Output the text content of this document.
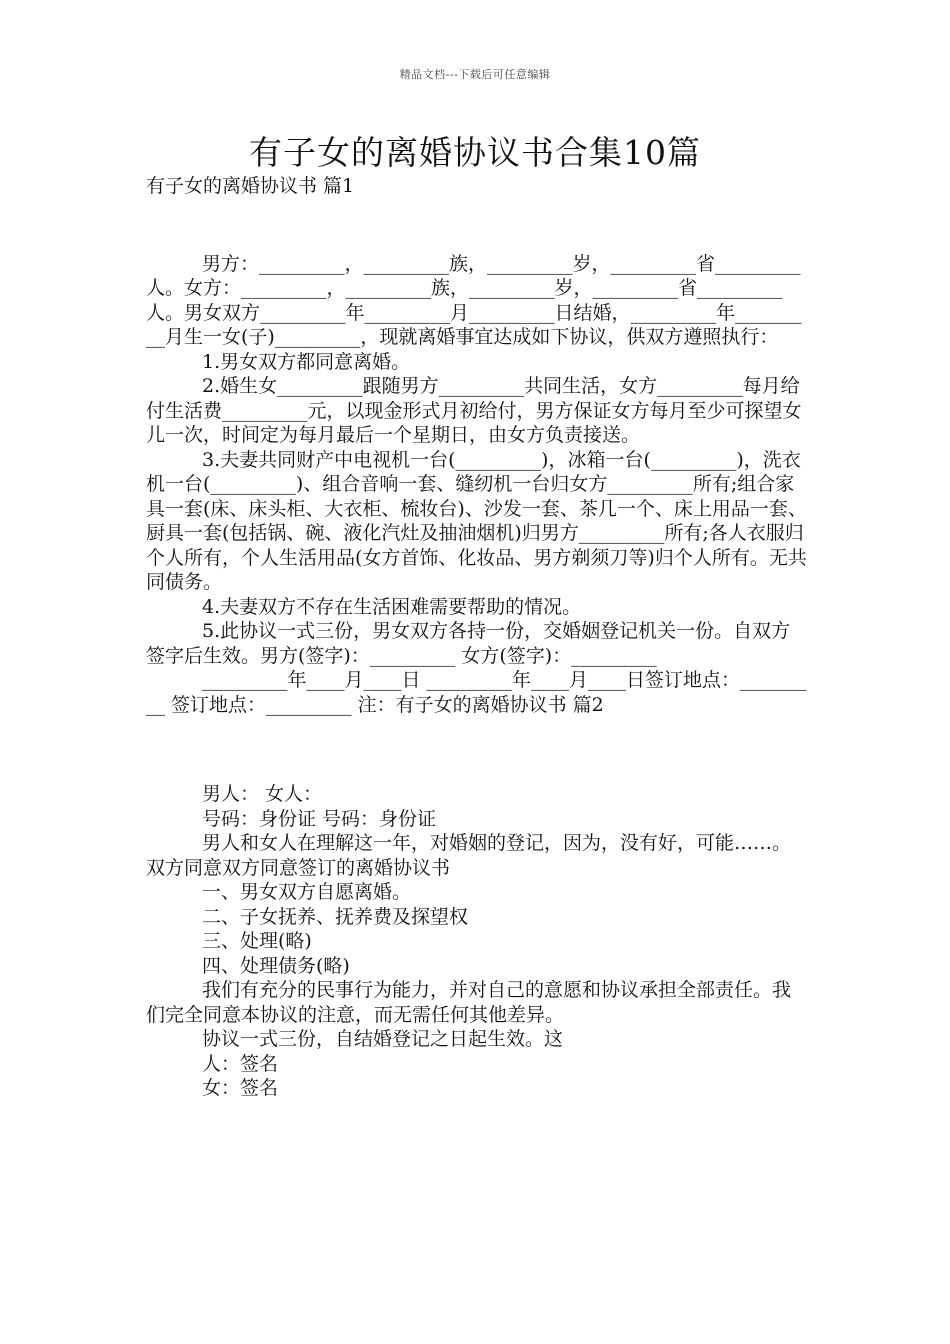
精品文档---下载后可任意编辑
有子女的离婚协议书合集10篇

有子女的离婚协议书 篇1

男方：_________，_________族，_________岁，_________省_________人。女方：_________，_________族，_________岁，_________省_________人。男女双方_________年_________月_________日结婚，_________年_________月生一女(子)_________，现就离婚事宜达成如下协议，供双方遵照执行：

1.男女双方都同意离婚。

2.婚生女_________跟随男方_________共同生活，女方_________每月给付生活费_________元，以现金形式月初给付，男方保证女方每月至少可探望女儿一次，时间定为每月最后一个星期日，由女方负责接送。

3.夫妻共同财产中电视机一台(_________)，冰箱一台(_________)，洗衣机一台(_________)、组合音响一套、缝纫机一台归女方_________所有;组合家具一套(床、床头柜、大衣柜、梳妆台)、沙发一套、茶几一个、床上用品一套、厨具一套(包括锅、碗、液化汽灶及抽油烟机)归男方_________所有;各人衣服归个人所有，个人生活用品(女方首饰、化妆品、男方剃须刀等)归个人所有。无共同债务。

4.夫妻双方不存在生活困难需要帮助的情况。

5.此协议一式三份，男女双方各持一份，交婚姻登记机关一份。自双方签字后生效。男方(签字)：_________ 女方(签字)：_________

_________年____月____日 _________年____月____日签订地点：_________ 签订地点：_________ 注：有子女的离婚协议书 篇2

男人： 女人：

号码：身份证 号码：身份证

男人和女人在理解这一年，对婚姻的登记，因为，没有好，可能……。双方同意双方同意签订的离婚协议书

一、男女双方自愿离婚。

二、子女抚养、抚养费及探望权

三、处理(略)

四、处理债务(略)

我们有充分的民事行为能力，并对自己的意愿和协议承担全部责任。我们完全同意本协议的注意，而无需任何其他差异。

协议一式三份，自结婚登记之日起生效。这

人：签名

女：签名
